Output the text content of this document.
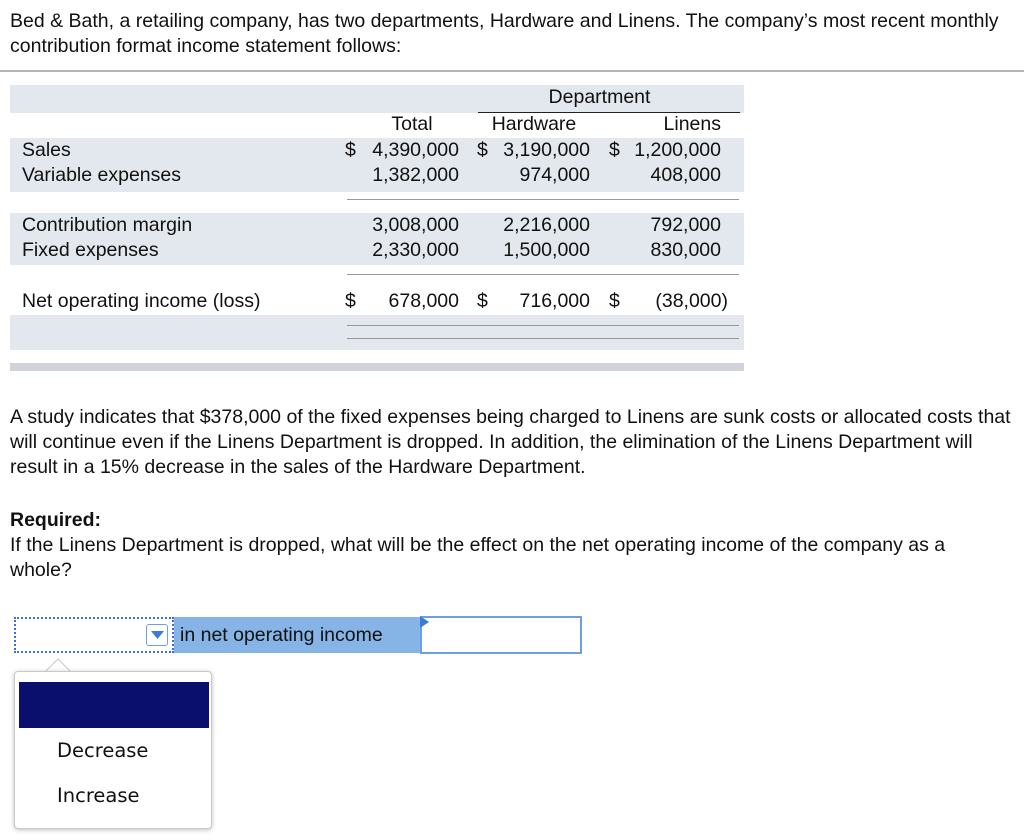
Bed & Bath, a retailing company, has two departments, Hardware and Linens. The company’s most recent monthly contribution format income statement follows:

Department
Total	Hardware	Linens
Sales	$ 4,390,000 $ 3,190,000 $ 1,200,000
Variable expenses	1,382,000	974,000	408,000
Contribution margin	3,008,000	2,216,000	792,000
Fixed expenses	2,330,000	1,500,000	830,000
Net operating income (loss)	$	678,000 $	716,000 $	(38,000)

A study indicates that $378,000 of the fixed expenses being charged to Linens are sunk costs or allocated costs that will continue even if the Linens Department is dropped. In addition, the elimination of the Linens Department will result in a 15% decrease in the sales of the Hardware Department.

Required:

If the Linens Department is dropped, what will be the effect on the net operating income of the company as a whole?

in net operating income
Decrease
Increase
